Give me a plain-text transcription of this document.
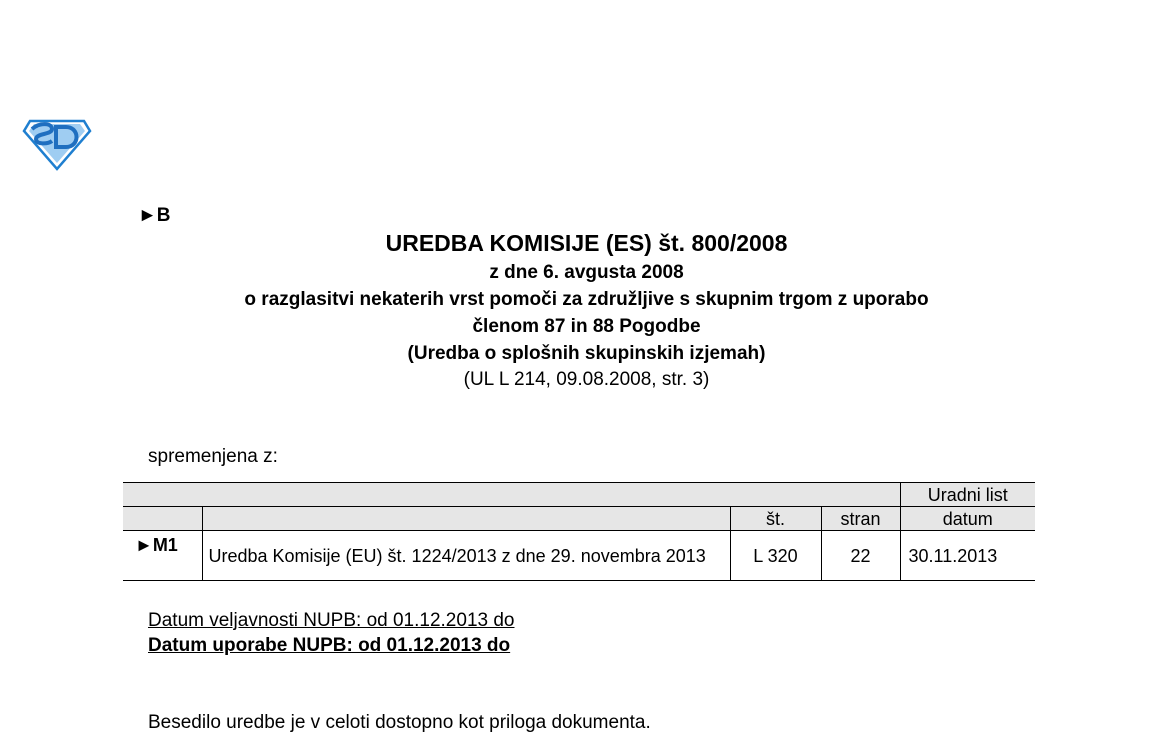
►B
UREDBA KOMISIJE (ES) št. 800/2008
z dne 6. avgusta 2008
o razglasitvi nekaterih vrst pomoči za združljive s skupnim trgom z uporabo
členom 87 in 88 Pogodbe
(Uredba o splošnih skupinskih izjemah)
(UL L 214, 09.08.2008, str. 3)
spremenjena z:
				Uradni list
		št.	stran	datum
►M1	Uredba Komisije (EU) št. 1224/2013 z dne 29. novembra 2013	L 320	22	30.11.2013
Datum veljavnosti NUPB: od 01.12.2013 do
Datum uporabe NUPB: od 01.12.2013 do
Besedilo uredbe je v celoti dostopno kot priloga dokumenta.
